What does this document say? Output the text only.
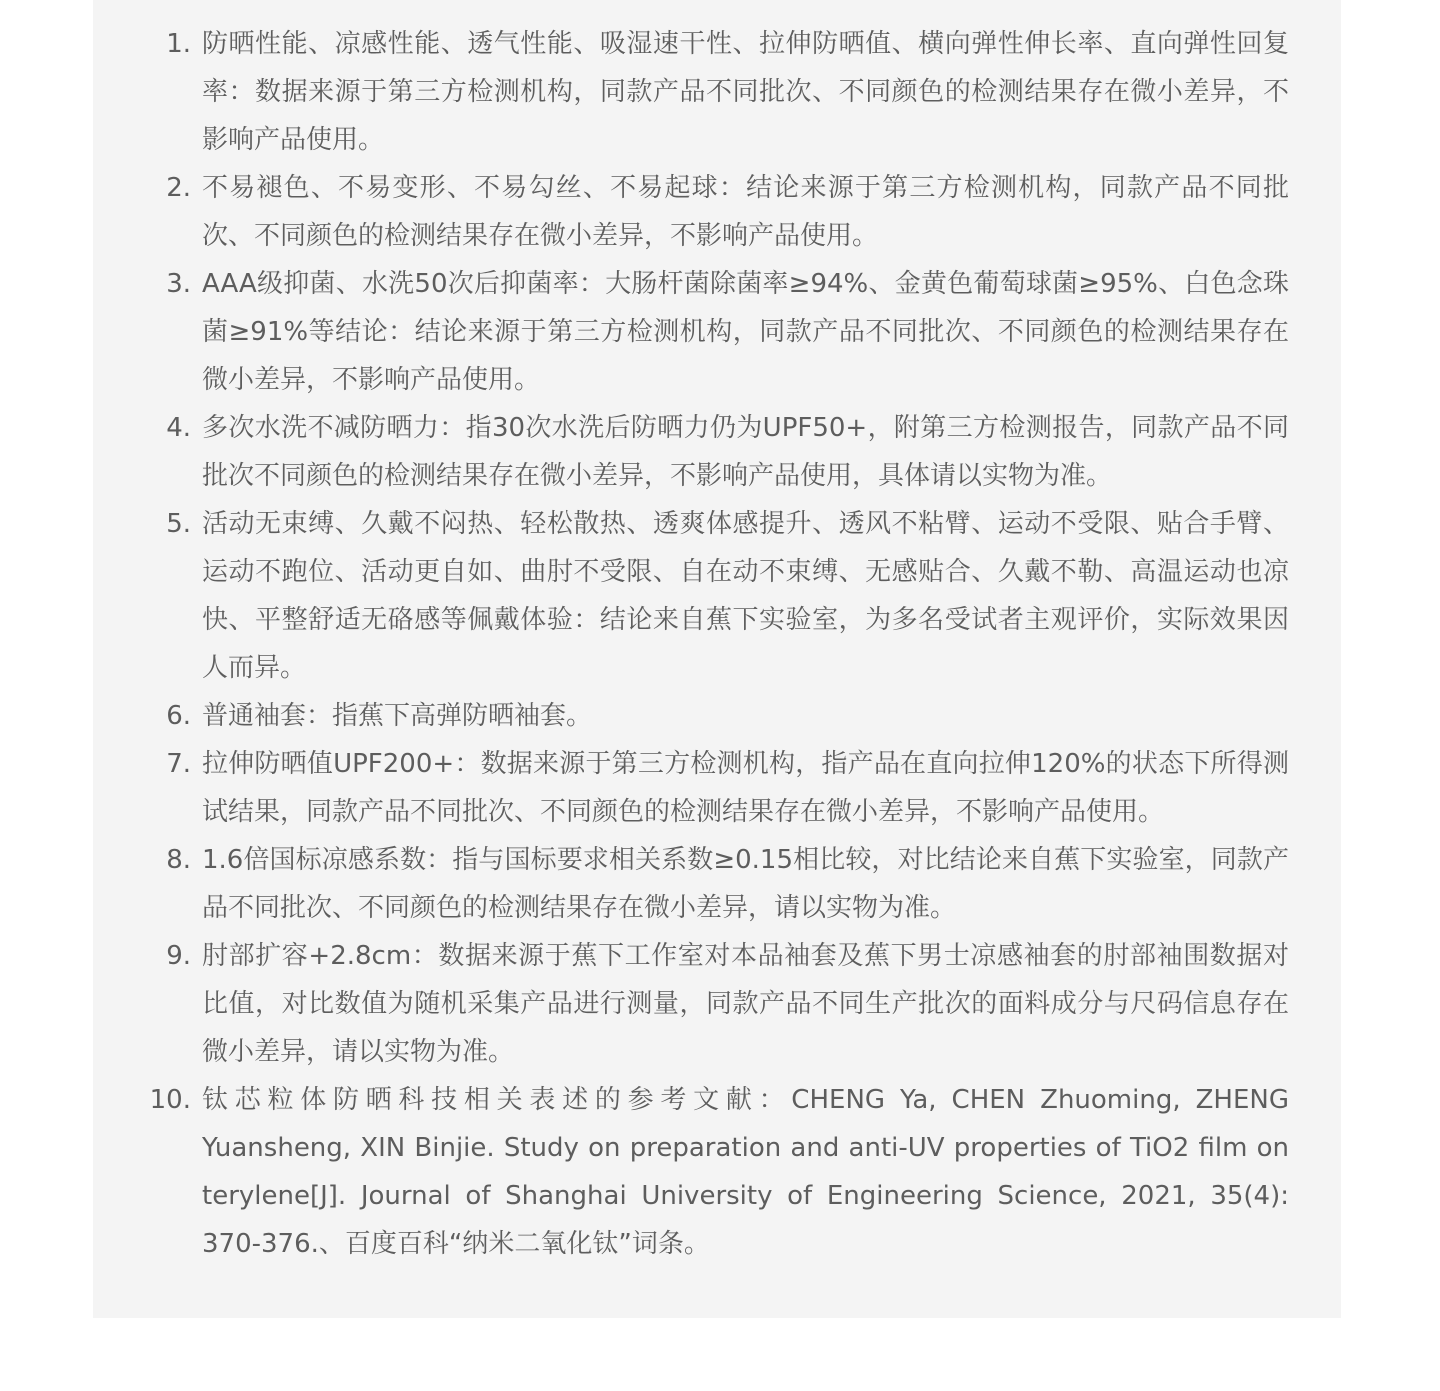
1. 防晒性能、凉感性能、透气性能、吸湿速干性、拉伸防晒值、横向弹性伸长率、直向弹性回复率：数据来源于第三方检测机构，同款产品不同批次、不同颜色的检测结果存在微小差异，不影响产品使用。
2. 不易褪色、不易变形、不易勾丝、不易起球：结论来源于第三方检测机构，同款产品不同批次、不同颜色的检测结果存在微小差异，不影响产品使用。
3. AAA级抑菌、水洗50次后抑菌率：大肠杆菌除菌率≥94%、金黄色葡萄球菌≥95%、白色念珠菌≥91%等结论：结论来源于第三方检测机构，同款产品不同批次、不同颜色的检测结果存在微小差异，不影响产品使用。
4. 多次水洗不减防晒力：指30次水洗后防晒力仍为UPF50+，附第三方检测报告，同款产品不同批次不同颜色的检测结果存在微小差异，不影响产品使用，具体请以实物为准。
5. 活动无束缚、久戴不闷热、轻松散热、透爽体感提升、透风不粘臂、运动不受限、贴合手臂、运动不跑位、活动更自如、曲肘不受限、自在动不束缚、无感贴合、久戴不勒、高温运动也凉快、平整舒适无硌感等佩戴体验：结论来自蕉下实验室，为多名受试者主观评价，实际效果因人而异。
6. 普通袖套：指蕉下高弹防晒袖套。
7. 拉伸防晒值UPF200+：数据来源于第三方检测机构，指产品在直向拉伸120%的状态下所得测试结果，同款产品不同批次、不同颜色的检测结果存在微小差异，不影响产品使用。
8. 1.6倍国标凉感系数：指与国标要求相关系数≥0.15相比较，对比结论来自蕉下实验室，同款产品不同批次、不同颜色的检测结果存在微小差异，请以实物为准。
9. 肘部扩容+2.8cm：数据来源于蕉下工作室对本品袖套及蕉下男士凉感袖套的肘部袖围数据对比值，对比数值为随机采集产品进行测量，同款产品不同生产批次的面料成分与尺码信息存在微小差异，请以实物为准。
10. 钛芯粒体防晒科技相关表述的参考文献：CHENG Ya, CHEN Zhuoming, ZHENG Yuansheng, XIN Binjie. Study on preparation and anti-UV properties of TiO2 film on terylene[J]. Journal of Shanghai University of Engineering Science, 2021, 35(4): 370-376.、百度百科“纳米二氧化钛”词条。
